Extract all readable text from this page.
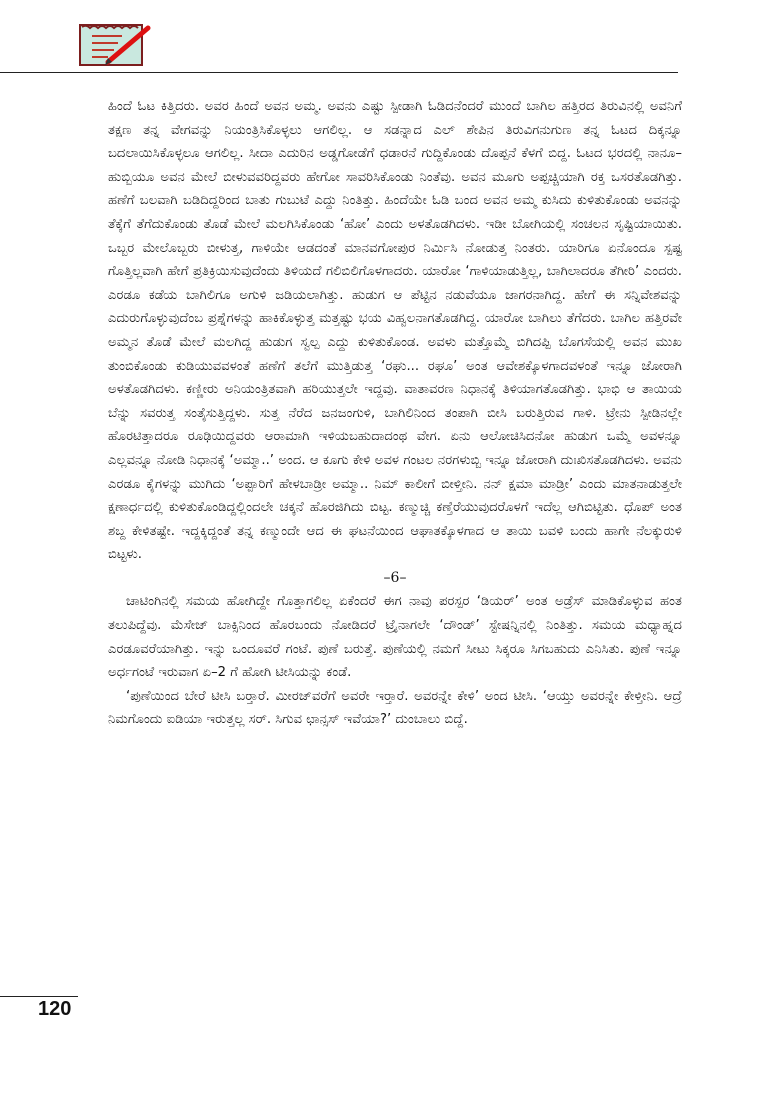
ಹಿಂದೆ ಓಟ ಕಿತ್ತಿದರು. ಅವರ ಹಿಂದೆ ಅವನ ಅಮ್ಮ. ಅವನು ಎಷ್ಟು ಸ್ಪೀಡಾಗಿ ಓಡಿದನೆಂದರೆ ಮುಂದೆ ಬಾಗಿಲ ಹತ್ತಿರದ ತಿರುವಿನಲ್ಲಿ ಅವನಿಗೆ ತಕ್ಷಣ ತನ್ನ ವೇಗವನ್ನು ನಿಯಂತ್ರಿಸಿಕೊಳ್ಳಲು ಆಗಲಿಲ್ಲ. ಆ ಸಡನ್ನಾದ ಎಲ್ ಶೇಪಿನ ತಿರುವಿಗನುಗುಣ ತನ್ನ ಓಟದ ದಿಕ್ಕನ್ನೂ ಬದಲಾಯಿಸಿಕೊಳ್ಳಲೂ ಆಗಲಿಲ್ಲ. ಸೀದಾ ಎದುರಿನ ಅಡ್ಡಗೋಡೆಗೆ ಧಡಾರನೆ ಗುದ್ದಿಕೊಂಡು ದೊಪ್ಪನೆ ಕೆಳಗೆ ಬಿದ್ದ. ಓಟದ ಭರದಲ್ಲಿ ನಾನೂ–ಹುಬ್ಬಿಯೂ ಅವನ ಮೇಲೆ ಬೀಳುವವರಿದ್ದವರು ಹೇಗೋ ಸಾವರಿಸಿಕೊಂಡು ನಿಂತೆವು. ಅವನ ಮೂಗು ಅಪ್ಪಚ್ಚಿಯಾಗಿ ರಕ್ತ ಒಸರತೊಡಗಿತ್ತು. ಹಣೆಗೆ ಬಲವಾಗಿ ಬಡಿದಿದ್ದರಿಂದ ಬಾತು ಗುಬುಟೆ ಎದ್ದು ನಿಂತಿತ್ತು. ಹಿಂದೆಯೇ ಓಡಿ ಬಂದ ಅವನ ಅಮ್ಮ ಕುಸಿದು ಕುಳಿತುಕೊಂಡು ಅವನನ್ನು ತೆಕ್ಕೆಗೆ ತೆಗೆದುಕೊಂಡು ತೊಡೆ ಮೇಲೆ ಮಲಗಿಸಿಕೊಂಡು ‘ಹೋ’ ಎಂದು ಅಳತೊಡಗಿದಳು. ಇಡೀ ಬೋಗಿಯಲ್ಲಿ ಸಂಚಲನ ಸೃಷ್ಟಿಯಾಯಿತು. ಒಬ್ಬರ ಮೇಲೊಬ್ಬರು ಬೀಳುತ್ತ, ಗಾಳಿಯೇ ಆಡದಂತೆ ಮಾನವಗೋಪುರ ನಿರ್ಮಿಸಿ ನೋಡುತ್ತ ನಿಂತರು. ಯಾರಿಗೂ ಏನೊಂದೂ ಸ್ಪಷ್ಟ ಗೊತ್ತಿಲ್ಲವಾಗಿ ಹೇಗೆ ಪ್ರತಿಕ್ರಿಯಿಸುವುದೆಂದು ತಿಳಿಯದೆ ಗಲಿಬಿಲಿಗೊಳಗಾದರು. ಯಾರೋ ‘ಗಾಳಿಯಾಡುತ್ತಿಲ್ಲ, ಬಾಗಿಲಾದರೂ ತೆಗೀರಿ’ ಎಂದರು. ಎರಡೂ ಕಡೆಯ ಬಾಗಿಲಿಗೂ ಅಗುಳಿ ಜಡಿಯಲಾಗಿತ್ತು. ಹುಡುಗ ಆ ಪೆಟ್ಟಿನ ನಡುವೆಯೂ ಜಾಗರನಾಗಿದ್ದ. ಹೇಗೆ ಈ ಸನ್ನಿವೇಶವನ್ನು ಎದುರುಗೊಳ್ಳುವುದೆಂಬ ಪ್ರಶ್ನೆಗಳನ್ನು ಹಾಕಿಕೊಳ್ಳುತ್ತ ಮತ್ತಷ್ಟು ಭಯ ವಿಹ್ವಲನಾಗತೊಡಗಿದ್ದ. ಯಾರೋ ಬಾಗಿಲು ತೆಗೆದರು. ಬಾಗಿಲ ಹತ್ತಿರವೇ ಅಮ್ಮನ ತೊಡೆ ಮೇಲೆ ಮಲಗಿದ್ದ ಹುಡುಗ ಸ್ವಲ್ಪ ಎದ್ದು ಕುಳಿತುಕೊಂಡ. ಅವಳು ಮತ್ತೊಮ್ಮೆ ಬಿಗಿದಪ್ಪಿ ಬೊಗಸೆಯಲ್ಲಿ ಅವನ ಮುಖ ತುಂಬಿಕೊಂಡು ಕುಡಿಯುವವಳಂತೆ ಹಣೆಗೆ ತಲೆಗೆ ಮುತ್ತಿಡುತ್ತ ‘ರಘು... ರಘೂ’ ಅಂತ ಆವೇಶಕ್ಕೊಳಗಾದವಳಂತೆ ಇನ್ನೂ ಜೋರಾಗಿ ಅಳತೊಡಗಿದಳು. ಕಣ್ಣೀರು ಅನಿಯಂತ್ರಿತವಾಗಿ ಹರಿಯುತ್ತಲೇ ಇದ್ದವು. ವಾತಾವರಣ ನಿಧಾನಕ್ಕೆ ತಿಳಿಯಾಗತೊಡಗಿತ್ತು. ಭಾಭಿ ಆ ತಾಯಿಯ ಬೆನ್ನು ಸವರುತ್ತ ಸಂತೈಸುತ್ತಿದ್ದಳು. ಸುತ್ತ ನೆರೆದ ಜನಜಂಗುಳಿ, ಬಾಗಿಲಿನಿಂದ ತಂಪಾಗಿ ಬೀಸಿ ಬರುತ್ತಿರುವ ಗಾಳಿ. ಟ್ರೇನು ಸ್ಪೀಡಿನಲ್ಲೇ ಹೊರಟಿತ್ತಾದರೂ ರೂಢಿಯಿದ್ದವರು ಆರಾಮಾಗಿ ಇಳಿಯಬಹುದಾದಂಥ ವೇಗ. ಏನು ಆಲೋಚಿಸಿದನೋ ಹುಡುಗ ಒಮ್ಮೆ ಅವಳನ್ನೂ ಎಲ್ಲವನ್ನೂ ನೋಡಿ ನಿಧಾನಕ್ಕೆ ‘ಅಮ್ಮಾ..’ ಅಂದ. ಆ ಕೂಗು ಕೇಳಿ ಅವಳ ಗಂಟಲ ನರಗಳುಬ್ಬಿ ಇನ್ನೂ ಜೋರಾಗಿ ದುಃಖಿಸತೊಡಗಿದಳು. ಅವನು ಎರಡೂ ಕೈಗಳನ್ನು ಮುಗಿದು ‘ಅಪ್ಪಾರಿಗೆ ಹೇಳಬಾಡ್ರೀ ಅಮ್ಮಾ.. ನಿಮ್ ಕಾಲೀಗೆ ಬೀಳ್ತೀನಿ. ನನ್ ಕ್ಷಮಾ ಮಾಡ್ರೀ’ ಎಂದು ಮಾತನಾಡುತ್ತಲೇ ಕ್ಷಣಾರ್ಧದಲ್ಲಿ ಕುಳಿತುಕೊಂಡಿದ್ದಲ್ಲಿಂದಲೇ ಚಕ್ಕನೆ ಹೊರಜಿಗಿದು ಬಿಟ್ಟ. ಕಣ್ಮುಚ್ಚಿ ಕಣ್ತೆರೆಯುವುದರೊಳಗೆ ಇದೆಲ್ಲ ಆಗಿಬಿಟ್ಟಿತು. ಧೊಪ್ ಅಂತ ಶಬ್ದ ಕೇಳಿತಷ್ಟೇ. ಇದ್ದಕ್ಕಿದ್ದಂತೆ ತನ್ನ ಕಣ್ಮುಂದೇ ಆದ ಈ ಘಟನೆಯಿಂದ ಆಘಾತಕ್ಕೊಳಗಾದ ಆ ತಾಯಿ ಬವಳಿ ಬಂದು ಹಾಗೇ ನೆಲಕ್ಕುರುಳಿ ಬಿಟ್ಟಳು.

–6–

ಚಾಟಿಂಗಿನಲ್ಲಿ ಸಮಯ ಹೋಗಿದ್ದೇ ಗೊತ್ತಾಗಲಿಲ್ಲ ಏಕೆಂದರೆ ಈಗ ನಾವು ಪರಸ್ಪರ ‘ಡಿಯರ್’ ಅಂತ ಅಡ್ರೆಸ್ ಮಾಡಿಕೊಳ್ಳುವ ಹಂತ ತಲುಪಿದ್ದೆವು. ಮೆಸೇಜ್ ಬಾಕ್ಸಿನಿಂದ ಹೊರಬಂದು ನೋಡಿದರೆ ಟ್ರೈನಾಗಲೇ ‘ದೌಂಡ್’ ಸ್ಟೇಷನ್ನಿನಲ್ಲಿ ನಿಂತಿತ್ತು. ಸಮಯ ಮಧ್ಯಾಹ್ನದ ಎರಡೂವರೆಯಾಗಿತ್ತು. ಇನ್ನು ಒಂದೂವರೆ ಗಂಟೆ. ಪುಣೆ ಬರುತ್ತೆ. ಪುಣೆಯಲ್ಲಿ ನಮಗೆ ಸೀಟು ಸಿಕ್ಕರೂ ಸಿಗಬಹುದು ಎನಿಸಿತು. ಪುಣೆ ಇನ್ನೂ ಅರ್ಧಗಂಟೆ ಇರುವಾಗ ಏ–2 ಗೆ ಹೋಗಿ ಟೀಸಿಯನ್ನು ಕಂಡೆ.

‘ಪುಣೆಯಿಂದ ಬೇರೆ ಟೀಸಿ ಬರ‍್ತಾರೆ. ಮೀರಜ್‌ವರೆಗೆ ಅವರೇ ಇರ‍್ತಾರೆ. ಅವರನ್ನೇ ಕೇಳಿ’ ಅಂದ ಟೀಸಿ. ‘ಆಯ್ತು ಅವರನ್ನೇ ಕೇಳ್ತೀನಿ. ಆದ್ರೆ ನಿಮಗೊಂದು ಐಡಿಯಾ ಇರುತ್ತಲ್ಲ ಸರ್. ಸಿಗುವ ಛಾನ್ಸಸ್ ಇವೆಯಾ?’ ದುಂಬಾಲು ಬಿದ್ದೆ.

120
